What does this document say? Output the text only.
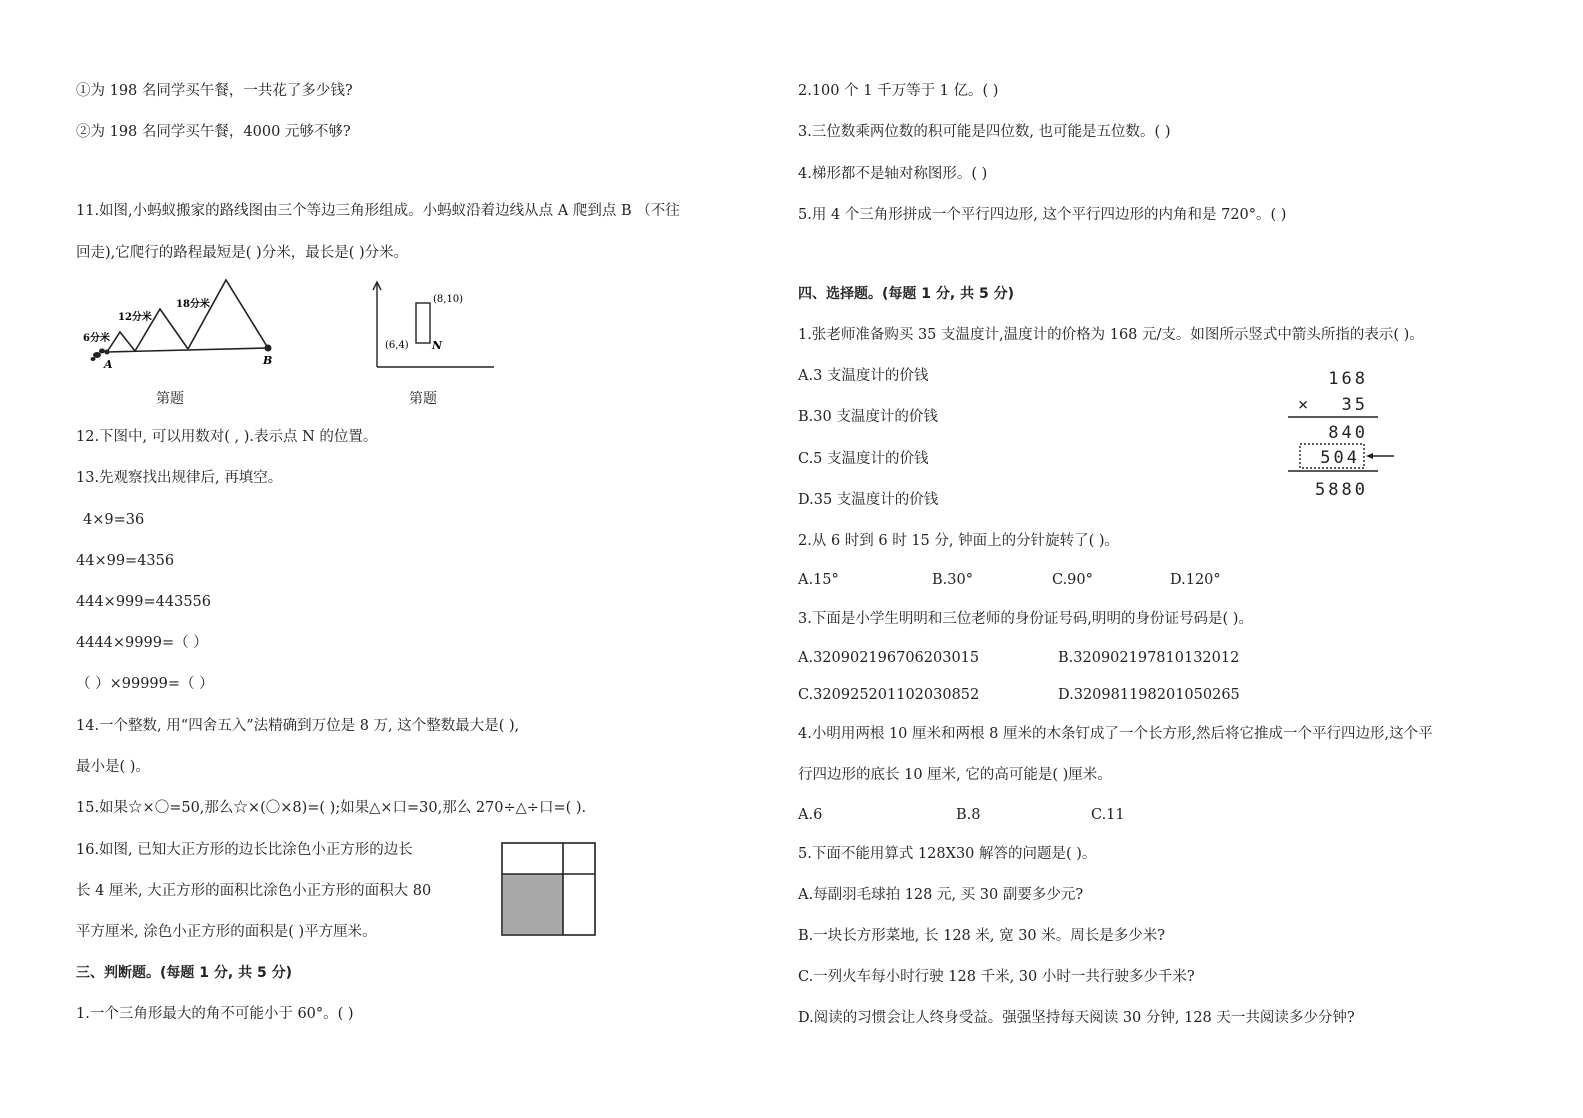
①为 198 名同学买午餐，一共花了多少钱?
②为 198 名同学买午餐，4000 元够不够?
11.如图,小蚂蚁搬家的路线图由三个等边三角形组成。小蚂蚁沿着边线从点 A 爬到点 B （不往
回走),它爬行的路程最短是( )分米，最长是( )分米。
6分米
12分米
18分米
A	B
第题
(8,10)
(6,4) N
第题
12.下图中, 可以用数对( , ).表示点 N 的位置。
13.先观察找出规律后, 再填空。
4×9=36
44×99=4356
444×999=443556
4444×9999=（ ）
（ ）×99999=（ ）
14.一个整数, 用“四舍五入”法精确到万位是 8 万, 这个整数最大是( ),
最小是( )。
15.如果☆×〇=50,那么☆×(〇×8)=( );如果△×口=30,那么 270÷△÷口=( ).
16.如图, 已知大正方形的边长比涂色小正方形的边长
长 4 厘米, 大正方形的面积比涂色小正方形的面积大 80
平方厘米, 涂色小正方形的面积是( )平方厘米。
三、判断题。(每题 1 分, 共 5 分)
1.一个三角形最大的角不可能小于 60°。( )
2.100 个 1 千万等于 1 亿。( )
3.三位数乘两位数的积可能是四位数, 也可能是五位数。( )
4.梯形都不是轴对称图形。( )
5.用 4 个三角形拼成一个平行四边形, 这个平行四边形的内角和是 720°。( )
四、选择题。(每题 1 分, 共 5 分)
1.张老师准备购买 35 支温度计,温度计的价格为 168 元/支。如图所示竖式中箭头所指的表示( )。
A.3 支温度计的价钱
B.30 支温度计的价钱
C.5 支温度计的价钱
D.35 支温度计的价钱
168
× 35
840
504
5880
2.从 6 时到 6 时 15 分, 钟面上的分针旋转了( )。
A.15°	B.30°	C.90°	D.120°
3.下面是小学生明明和三位老师的身份证号码,明明的身份证号码是( )。
A.320902196706203015	B.320902197810132012
C.320925201102030852	D.320981198201050265
4.小明用两根 10 厘米和两根 8 厘米的木条钉成了一个长方形,然后将它推成一个平行四边形,这个平
行四边形的底长 10 厘米, 它的高可能是( )厘米。
A.6	B.8	C.11
5.下面不能用算式 128X30 解答的问题是( )。
A.每副羽毛球拍 128 元, 买 30 副要多少元?
B.一块长方形菜地, 长 128 米, 宽 30 米。周长是多少米?
C.一列火车每小时行驶 128 千米, 30 小时一共行驶多少千米?
D.阅读的习惯会让人终身受益。强强坚持每天阅读 30 分钟, 128 天一共阅读多少分钟?
